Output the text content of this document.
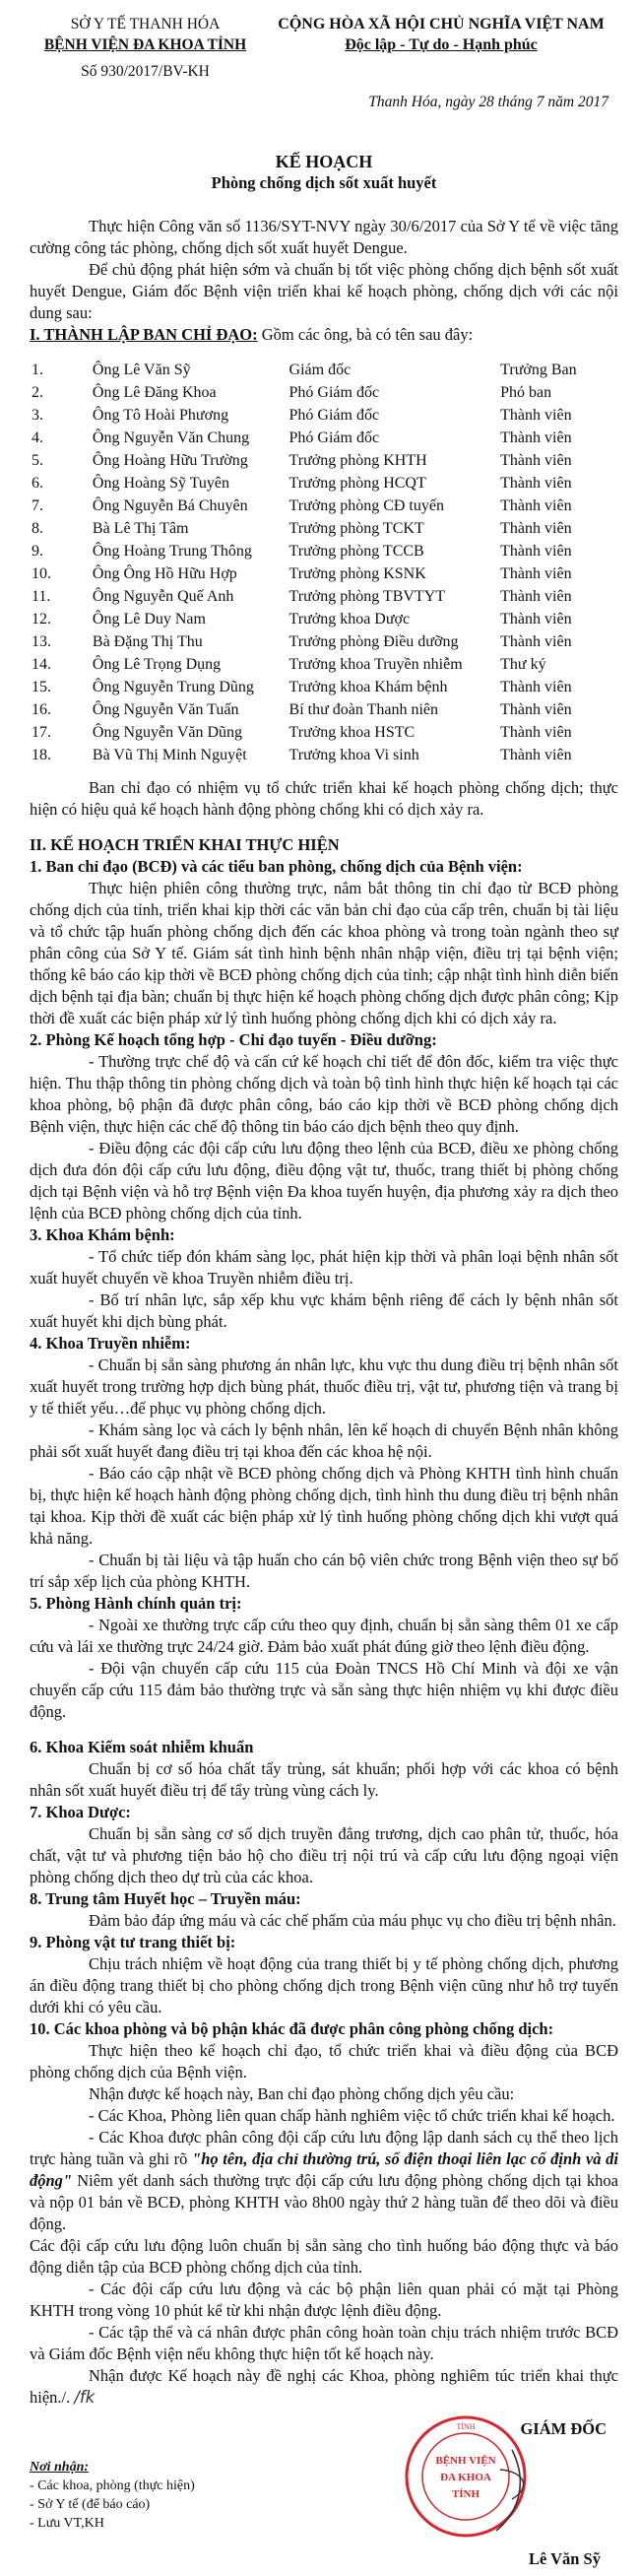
SỞ Y TẾ THANH HÓA
BỆNH VIỆN ĐA KHOA TỈNH
Số 930/2017/BV-KH
CỘNG HÒA XÃ HỘI CHỦ NGHĨA VIỆT NAM
Độc lập - Tự do - Hạnh phúc
Thanh Hóa, ngày 28 tháng 7 năm 2017
KẾ HOẠCH
Phòng chống dịch sốt xuất huyết

Thực hiện Công văn số 1136/SYT-NVY ngày 30/6/2017 của Sở Y tế về việc tăng cường công tác phòng, chống dịch sốt xuất huyết Dengue.

Để chủ động phát hiện sớm và chuẩn bị tốt việc phòng chống dịch bệnh sốt xuất huyết Dengue, Giám đốc Bệnh viện triển khai kế hoạch phòng, chống dịch với các nội dung sau:

I. THÀNH LẬP BAN CHỈ ĐẠO: Gồm các ông, bà có tên sau đây:

1.	Ông Lê Văn Sỹ	Giám đốc	Trưởng Ban
2.	Ông Lê Đăng Khoa	Phó Giám đốc	Phó ban
3.	Ông Tô Hoài Phương	Phó Giám đốc	Thành viên
4.	Ông Nguyễn Văn Chung	Phó Giám đốc	Thành viên
5.	Ông Hoàng Hữu Trường	Trưởng phòng KHTH	Thành viên
6.	Ông Hoàng Sỹ Tuyên	Trưởng phòng HCQT	Thành viên
7.	Ông Nguyễn Bá Chuyên	Trưởng phòng CĐ tuyến	Thành viên
8.	Bà Lê Thị Tâm	Trưởng phòng TCKT	Thành viên
9.	Ông Hoàng Trung Thông	Trưởng phòng TCCB	Thành viên
10.	Ông Ông Hồ Hữu Hợp	Trưởng phòng KSNK	Thành viên
11.	Ông Nguyễn Quế Anh	Trưởng phòng TBVTYT	Thành viên
12.	Ông Lê Duy Nam	Trưởng khoa Dược	Thành viên
13.	Bà Đặng Thị Thu	Trưởng phòng Điều dưỡng	Thành viên
14.	Ông Lê Trọng Dụng	Trưởng khoa Truyền nhiễm	Thư ký
15.	Ông Nguyễn Trung Dũng	Trưởng khoa Khám bệnh	Thành viên
16.	Ông Nguyễn Văn Tuấn	Bí thư đoàn Thanh niên	Thành viên
17.	Ông Nguyễn Văn Dũng	Trưởng khoa HSTC	Thành viên
18.	Bà Vũ Thị Minh Nguyệt	Trưởng khoa Vi sinh	Thành viên

Ban chỉ đạo có nhiệm vụ tổ chức triển khai kế hoạch phòng chống dịch; thực hiện có hiệu quả kế hoạch hành động phòng chống khi có dịch xảy ra.

II. KẾ HOẠCH TRIỂN KHAI THỰC HIỆN

1. Ban chỉ đạo (BCĐ) và các tiểu ban phòng, chống dịch của Bệnh viện:

Thực hiện phiên công thường trực, nắm bắt thông tin chỉ đạo từ BCĐ phòng chống dịch của tỉnh, triển khai kịp thời các văn bản chỉ đạo của cấp trên, chuẩn bị tài liệu và tổ chức tập huấn phòng chống dịch đến các khoa phòng và trong toàn ngành theo sự phân công của Sở Y tế. Giám sát tình hình bệnh nhân nhập viện, điều trị tại bệnh viện; thống kê báo cáo kịp thời về BCĐ phòng chống dịch của tỉnh; cập nhật tình hình diễn biến dịch bệnh tại địa bàn; chuẩn bị thực hiện kế hoạch phòng chống dịch được phân công; Kịp thời đề xuất các biện pháp xử lý tình huống phòng chống dịch khi có dịch xảy ra.

2. Phòng Kế hoạch tổng hợp - Chỉ đạo tuyến - Điều dưỡng:

- Thường trực chế độ và cấn cứ kế hoạch chỉ tiết để đôn đốc, kiểm tra việc thực hiện. Thu thập thông tin phòng chống dịch và toàn bộ tình hình thực hiện kế hoạch tại các khoa phòng, bộ phận đã được phân công, báo cáo kịp thời về BCĐ phòng chống dịch Bệnh viện, thực hiện các chế độ thông tin báo cáo dịch bệnh theo quy định.

- Điều động các đội cấp cứu lưu động theo lệnh của BCĐ, điều xe phòng chống dịch đưa đón đội cấp cứu lưu động, điều động vật tư, thuốc, trang thiết bị phòng chống dịch tại Bệnh viện và hỗ trợ Bệnh viện Đa khoa tuyến huyện, địa phương xảy ra dịch theo lệnh của BCĐ phòng chống dịch của tỉnh.

3. Khoa Khám bệnh:

- Tổ chức tiếp đón khám sàng lọc, phát hiện kịp thời và phân loại bệnh nhân sốt xuất huyết chuyển về khoa Truyền nhiễm điều trị.

- Bố trí nhân lực, sắp xếp khu vực khám bệnh riêng để cách ly bệnh nhân sốt xuất huyết khi dịch bùng phát.

4. Khoa Truyền nhiễm:

- Chuẩn bị sẵn sàng phương án nhân lực, khu vực thu dung điều trị bệnh nhân sốt xuất huyết trong trường hợp dịch bùng phát, thuốc điều trị, vật tư, phương tiện và trang bị y tế thiết yếu…để phục vụ phòng chống dịch.

- Khám sàng lọc và cách ly bệnh nhân, lên kế hoạch di chuyển Bệnh nhân không phải sốt xuất huyết đang điều trị tại khoa đến các khoa hệ nội.

- Báo cáo cập nhật về BCĐ phòng chống dịch và Phòng KHTH tình hình chuẩn bị, thực hiện kế hoạch hành động phòng chống dịch, tình hình thu dung điều trị bệnh nhân tại khoa. Kịp thời đề xuất các biện pháp xử lý tình huống phòng chống dịch khi vượt quá khả năng.

- Chuẩn bị tài liệu và tập huấn cho cán bộ viên chức trong Bệnh viện theo sự bố trí sắp xếp lịch của phòng KHTH.

5. Phòng Hành chính quản trị:

- Ngoài xe thường trực cấp cứu theo quy định, chuẩn bị sẵn sàng thêm 01 xe cấp cứu và lái xe thường trực 24/24 giờ. Đảm bảo xuất phát đúng giờ theo lệnh điều động.

- Đội vận chuyển cấp cứu 115 của Đoàn TNCS Hồ Chí Minh và đội xe vận chuyển cấp cứu 115 đảm bảo thường trực và sẵn sàng thực hiện nhiệm vụ khi được điều động.

6. Khoa Kiểm soát nhiễm khuẩn

Chuẩn bị cơ số hóa chất tẩy trùng, sát khuẩn; phối hợp với các khoa có bệnh nhân sốt xuất huyết điều trị để tẩy trùng vùng cách ly.

7. Khoa Dược:

Chuẩn bị sẵn sàng cơ số dịch truyền đẳng trương, dịch cao phân tử, thuốc, hóa chất, vật tư và phương tiện bảo hộ cho điều trị nội trú và cấp cứu lưu động ngoại viện phòng chống dịch theo dự trù của các khoa.

8. Trung tâm Huyết học – Truyền máu:

Đảm bảo đáp ứng máu và các chế phẩm của máu phục vụ cho điều trị bệnh nhân.

9. Phòng vật tư trang thiết bị:

Chịu trách nhiệm về hoạt động của trang thiết bị y tế phòng chống dịch, phương án điều động trang thiết bị cho phòng chống dịch trong Bệnh viện cũng như hỗ trợ tuyến dưới khi có yêu cầu.

10. Các khoa phòng và bộ phận khác đã được phân công phòng chống dịch:

Thực hiện theo kế hoạch chỉ đạo, tổ chức triển khai và điều động của BCĐ phòng chống dịch của Bệnh viện.

Nhận được kế hoạch này, Ban chỉ đạo phòng chống dịch yêu cầu:

- Các Khoa, Phòng liên quan chấp hành nghiêm việc tổ chức triển khai kế hoạch.

- Các Khoa được phân công đội cấp cứu lưu động lập danh sách cụ thể theo lịch trực hàng tuần và ghi rõ "họ tên, địa chỉ thường trú, số điện thoại liên lạc cố định và di động" Niêm yết danh sách thường trực đội cấp cứu lưu động phòng chống dịch tại khoa và nộp 01 bản về BCĐ, phòng KHTH vào 8h00 ngày thứ 2 hàng tuần để theo dõi và điều động.

Các đội cấp cứu lưu động luôn chuẩn bị sẵn sàng cho tình huống báo động thực và báo động diễn tập của BCĐ phòng chống dịch của tỉnh.

- Các đội cấp cứu lưu động và các bộ phận liên quan phải có mặt tại Phòng KHTH trong vòng 10 phút kể từ khi nhận được lệnh điều động.

- Các tập thể và cá nhân được phân công hoàn toàn chịu trách nhiệm trước BCĐ và Giám đốc Bệnh viện nếu không thực hiện tốt kế hoạch này.

Nhận được Kế hoạch này đề nghị các Khoa, phòng nghiêm túc triển khai thực hiện./. /fk

Nơi nhận:
- Các khoa, phòng (thực hiện)
- Sở Y tế (để báo cáo)
- Lưu VT,KH
TỈNH
BỆNH VIỆN
ĐA KHOA
TỈNH
GIÁM ĐỐC
Lê Văn Sỹ
